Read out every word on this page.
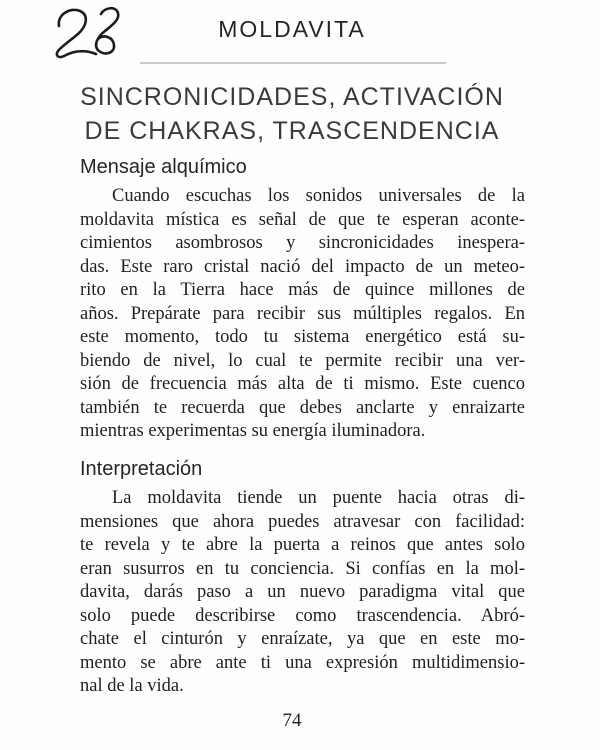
MOLDAVITA
SINCRONICIDADES, ACTIVACIÓN
DE CHAKRAS, TRASCENDENCIA
Mensaje alquímico
Cuando escuchas los sonidos universales de la
moldavita mística es señal de que te esperan aconte-
cimientos asombrosos y sincronicidades inespera-
das. Este raro cristal nació del impacto de un meteo-
rito en la Tierra hace más de quince millones de
años. Prepárate para recibir sus múltiples regalos. En
este momento, todo tu sistema energético está su-
biendo de nivel, lo cual te permite recibir una ver-
sión de frecuencia más alta de ti mismo. Este cuenco
también te recuerda que debes anclarte y enraizarte
mientras experimentas su energía iluminadora.
Interpretación
La moldavita tiende un puente hacia otras di-
mensiones que ahora puedes atravesar con facilidad:
te revela y te abre la puerta a reinos que antes solo
eran susurros en tu conciencia. Si confías en la mol-
davita, darás paso a un nuevo paradigma vital que
solo puede describirse como trascendencia. Abró-
chate el cinturón y enraízate, ya que en este mo-
mento se abre ante ti una expresión multidimensio-
nal de la vida.
74
